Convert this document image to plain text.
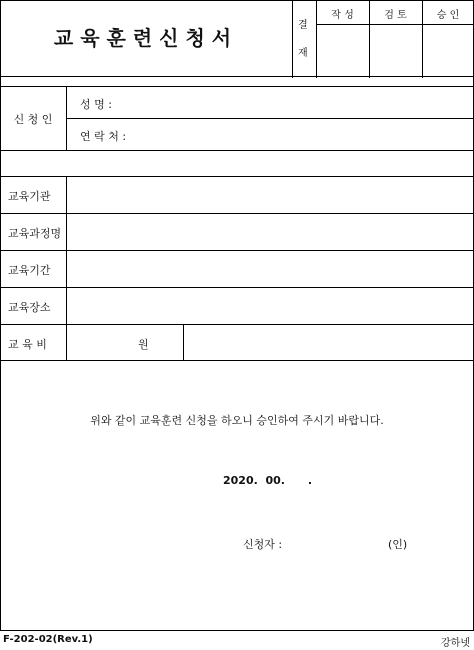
교육훈련신청서
결
재
작 성	검 토	승 인
신 청 인
성 명 :
연 락 처 :
교육기관
교육과정명
교육기간
교육장소
교 육 비	원
위와 같이 교육훈련 신청을 하오니 승인하여 주시기 바랍니다.
2020.  00.      .
신청자 :	(인)
F-202-02(Rev.1)	강하넷
